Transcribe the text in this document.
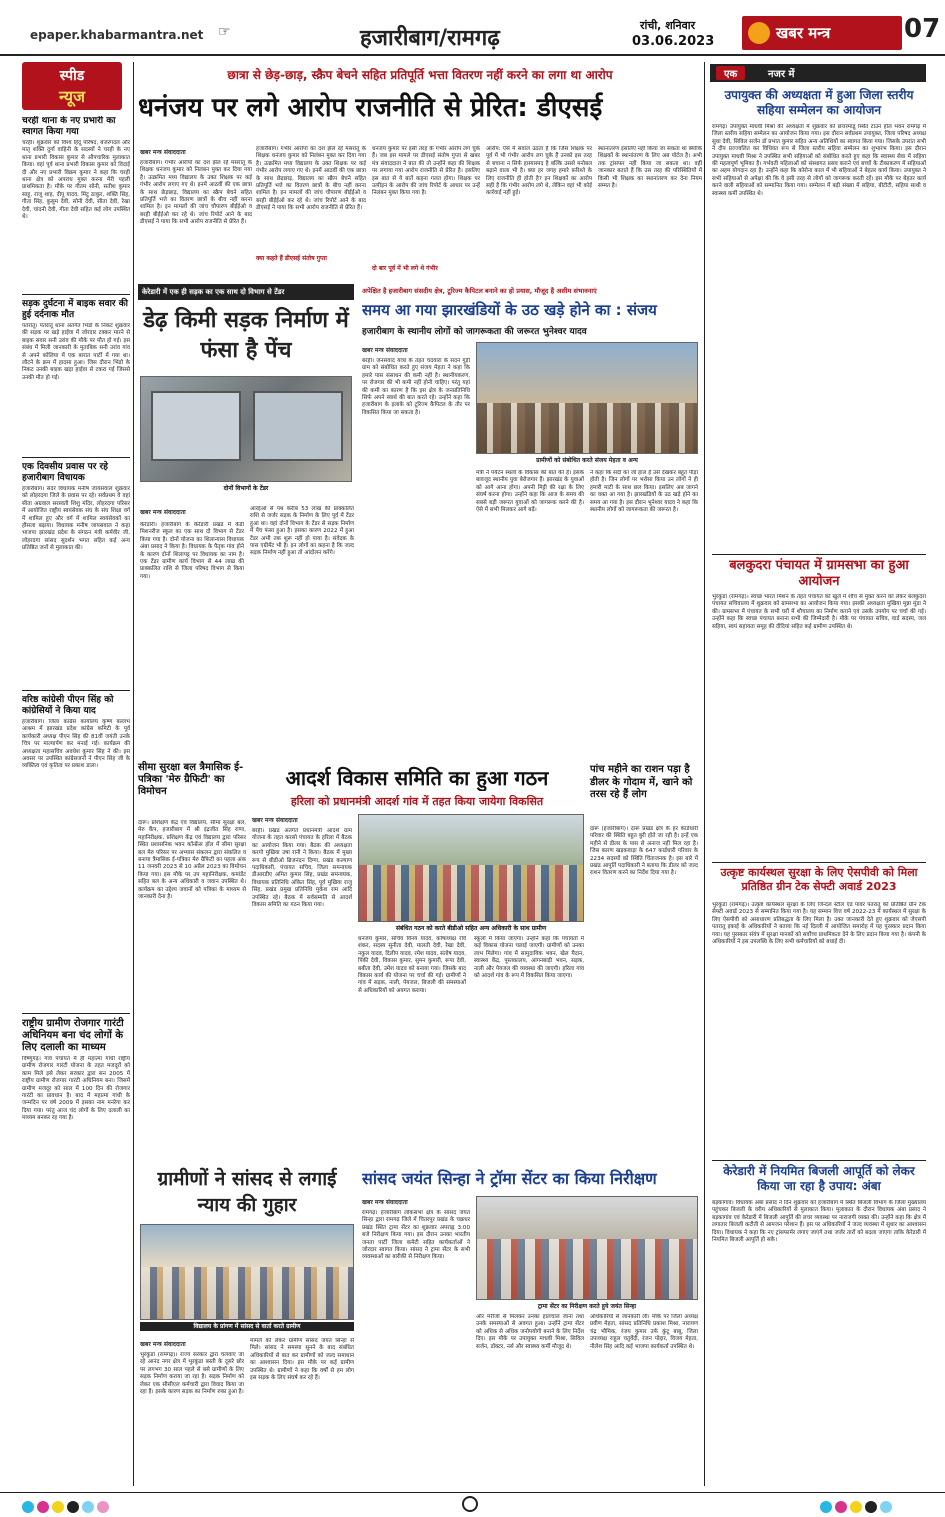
epaper.khabarmantra.net ☞	हजारीबाग/रामगढ़
रांची, शनिवार
03.06.2023	खबर मन्त्र	07
स्पीड
न्यूज
चरही थाना के नए प्रभारी का स्वागत किया गया
चरही। शुक्रवार को विश्व हिंदू परिषद, बजरंगदल और मातृ शक्ति दुर्गा वाहिनी के सदस्यों ने चरही के नए थाना प्रभारी विकास कुमार से औपचारिक मुलाकात किया। वहां पूर्व थाना प्रभारी विकास कुमार को विदाई दी और नए प्रभारी विक्रम कुमार ने कहा कि चरही थाना क्षेत्र को अपराध मुक्त करना मेरी पहली प्राथमिकता है। मौके पर गौतम सोनी, सतीश कुमार साहू, राजू शाह, दीपू यादव, मिंटू ठाकुर, शक्ति सिंह, गीता सिंह, कुसुम देवी, सोनी देवी, सीता देवी, रेखा देवी, चांदनी देवी, गीता देवी सहित कई लोग उपस्थित थे।
सड़क दुर्घटना में बाइक सवार की हुई दर्दनाक मौत
पतरातू। पतरातू थाना अंतर्गत भिंडो के निकट शुक्रवार की सड़क पर खड़े हाईवा में जोरदार टक्कर मारने से बाइक सवार सनी उरांव की मौके पर मौत हो गई। इस संबंध में मिली जानकारी के मुताबिक सनी उरांव गांव से अपने कोलिया में एक बारात पार्टी में गया था। लौटने के क्रम में हादसा हुआ। जिस दौरान भिंडो के निकट उनकी बाइक खड़ा हाईवा से टकरा गई जिससे उनकी मौत हो गई।
एक दिवसीय प्रवास पर रहे हजारीबाग विधायक
हजारीबाग। सदर विधायक मनीष जायसवाल शुक्रवार को लोहरदगा जिले के प्रवास पर रहे। सर्वप्रथम वे वहां सीता अग्रवाल सरस्वती शिशु मंदिर, लोहरदगा परिसर में आयोजित राष्ट्रीय स्वयंसेवक संघ के संघ शिक्षा वर्ग में शामिल हुए और वर्ग में शामिल स्वयंसेवकों का हौसला बढ़ाया। विधायक मनीष जायसवाल ने कहा भाजपा झारखंड प्रदेश के संगठन मंत्री कर्मवीर जी, लोहरदगा सांसद सुदर्शन भगत सहित कई अन्य प्रतिष्ठित जनों से मुलाकात की।
वरिष्ठ कांग्रेसी पीएन सिंह को कांग्रेसियों ने किया याद
हजारीबाग। जिला कांग्रेस कार्यालय कृष्ण बल्लभ आश्रम में झारखंड प्रदेश कांग्रेस कमिटी के पूर्व कार्यकारी अध्यक्ष पीएन सिंह की 81वीं जयंती उनके चित्र पर माल्यार्पण कर मनाई गई। कार्यक्रम की अध्यक्षता महासचिव अवधेश कुमार सिंह ने की। इस अवसर पर उपस्थित कांग्रेसजनों ने पीएन सिंह जी के व्यक्तित्व एवं कृतित्व पर प्रकाश डाला।
राष्ट्रीय ग्रामीण रोजगार गारंटी अधिनियम बना चंद लोगों के लिए दलाली का माध्यम
विष्णुगढ़। गांव पंचायत में ही महात्मा गांधी राष्ट्रीय ग्रामीण रोजगार गारंटी योजना के तहत मजदूरों को काम मिले इसे लेकर सरकार द्वारा सन 2005 में राष्ट्रीय ग्रामीण रोजगार गारंटी अधिनियम बना। जिसमें ग्रामीण मजदूर को साल में 100 दिन की रोजगार गारंटी का प्रावधान है। बाद में महात्मा गांधी के जन्मदिन पर वर्ष 2009 में इसका नाम मनरेगा कर दिया गया। परंतु आज चंद लोगों के लिए दलाली का माध्यम बनकर रह गया है।
छात्रा से छेड़-छाड़, स्क्रैप बेचने सहित प्रतिपूर्ति भत्ता वितरण नहीं करने का लगा था आरोप
धनंजय पर लगे आरोप राजनीति से प्रेरित: डीएसई
खबर मन्त्र संवाददाता
हजारीबाग। गंभीर आरोपों का दंश झेल रहे मसरातू के शिक्षक धनंजय कुमार को निलंबन मुक्त कर दिया गया है। उत्क्रमित मध्य विद्यालय के उक्त शिक्षक पर कई गंभीर आरोप लगाए गए थे। इनमें आठवीं की एक छात्रा के साथ छेड़छाड़, विद्यालय का स्क्रैप बेचने सहित प्रतिपूर्ति भत्ते का वितरण छात्रों के बीच नहीं करना शामिल है। इन मामलों की जांच चौपारण बीईईओ व बरही बीईईओ कर रहे थे। जांच रिपोर्ट आने के बाद डीएसई ने पाया कि सभी आरोप राजनीति से प्रेरित हैं।
हजारीबाग। गंभीर आरोपों का दंश झेल रहे मसरातू के शिक्षक धनंजय कुमार को निलंबन मुक्त कर दिया गया है। उत्क्रमित मध्य विद्यालय के उक्त शिक्षक पर कई गंभीर आरोप लगाए गए थे। इनमें आठवीं की एक छात्रा के साथ छेड़छाड़, विद्यालय का स्क्रैप बेचने सहित प्रतिपूर्ति भत्ते का वितरण छात्रों के बीच नहीं करना शामिल है। इन मामलों की जांच चौपारण बीईईओ व बरही बीईईओ कर रहे थे। जांच रिपोर्ट आने के बाद डीएसई ने पाया कि सभी आरोप राजनीति से प्रेरित हैं।
क्या कहते हैं डीएसई संतोष गुप्ता
धनंजय कुमार पर इसी तरह के गंभीर आरोप लग चुके हैं। जब इस मामले पर डीएसई संतोष गुप्ता से खबर मंत्र संवाददाता ने बात की तो उन्होंने कहा की शिक्षक पर लगाया गया आरोप राजनीति से प्रेरित है। इसलिए इस बात से ये बातें कहना गलत होगा। शिक्षक पर उत्पीड़न के आरोप की जांच रिपोर्ट के आधार पर उन्हें निलंबन मुक्त किया गया है।
दो बार पूर्व में भी लगे थे गंभीर
आरोप: ऐसे में सवाल उठता है कि जिस शिक्षक पर पूर्व में भी गंभीर आरोप लग चुके हैं उनको इस तरह से बचाना न सिर्फ हास्यास्पद है बल्कि उससे मनोबल बढ़ाने वाला भी है। क्या हर जगह हमारे फ़रिश्ते के लिए राजनीति ही होती है? इन शिक्षकों का आरोप सही है कि गंभीर आरोप लगे थे, लेकिन वहां भी कोई कार्रवाई नहीं हुई।
स्थानांतरण इसलिए नहीं किया जा सकता था क्योंकि शिक्षकों के स्थानांतरण के लिए अब पोर्टल है। अभी तक ट्रांसफर नहीं किया जा सकता था। वहीं जानकार बताते हैं कि उस तरह की परिस्थितियों में किसी भी शिक्षक का स्थानांतरण कर देना नियम सम्मत है।
केरेडारी में एक ही सड़क का एक साथ दो विभाग से टेंडर
डेढ़ किमी सड़क निर्माण में फंसा है पेंच
दोनों विभागों के टेंडर
खबर मन्त्र संवाददाता
केरेडारी। हजारीबाग के केरेडारी प्रखंड में केडी मिशनरीज स्कूल का एक साथ दो विभाग से टेंडर किया गया है। दोनों योजना का शिलान्यास विधायक अंबा प्रसाद ने किया है। विधायक के पैतृक गांव होने के कारण दोनों शिलापट्ट पर विधायक का नाम है। एक टेंडर ग्रामीण कार्य विभाग से 44 लाख की प्राक्कलित राशि से जिला परिषद विभाग से किया गया।
आरईओ से पथ करीब 53 लाख की प्राक्कलित राशि से जर्जर सड़क के निर्माण के लिए पूर्व में टेंडर हुआ था। वहां दोनों विभाग के टेंडर से सड़क निर्माण में पेंच फंसा हुआ है। इसका कारण 2022 में हुआ टेंडर अभी तक शुरू नहीं हो पाया है। संवेदक के पास एग्रीमेंट भी है। इन लोगों का कहना है कि जल्द सड़क निर्माण नहीं हुआ तो आंदोलन करेंगे।
अपेक्षित है हजारीबाग संसदीय क्षेत्र, टूरिज्म कैपिटल बनाने का हो प्रयास, मौजूद है असीम संभावनाएं
समय आ गया झारखंडियों के उठ खड़े होने का : संजय
हजारीबाग के स्थानीय लोगों को जागरूकता की जरूरत भुनेश्वर यादव
खबर मन्त्र संवाददाता
बरही। जनसंवाद यात्रा के तहत चंदवारा के सदन गुड़ी ग्राम को संबोधित करते हुए संजय मेहता ने कहा कि हमारे पास संसाधन की कमी नहीं है। स्थानीयकरण, पर रोजगार की भी कमी नहीं होनी चाहिए। परंतु यहां की कमी का कारण है कि इस क्षेत्र के जनप्रतिनिधि सिर्फ अपने स्वार्थ की बात करते रहे। उन्होंने कहा कि हजारीबाग के इलाके को टूरिज्म कैपिटल के तौर पर विकसित किया जा सकता है।
ग्रामीणों को संबोधित करते संजय मेहता व अन्य
मंत्री ने पर्यटन स्थलों के विकास की बात की है। इसके बावजूद स्थानीय युवा बेरोजगार हैं। झारखंड के युवाओं को आगे आना होगा। अपनी मिट्टी की रक्षा के लिए संघर्ष करना होगा। उन्होंने कहा कि आज के समय की सबसे बड़ी जरूरत युवाओं को जागरूक करने की है। ऐसे में सभी मिलकर आगे बढ़ें।
ने कहा कि सदी का जो हाल है उसे देखकर बहुत पीड़ा होती है। जिन लोगों पर भरोसा किया उन लोगों ने ही हमारी माटी के साथ छल किया। इसलिए अब जागने का वक्त आ गया है। झारखंडियों के उठ खड़े होने का समय आ गया है। इस दौरान भुनेश्वर यादव ने कहा कि स्थानीय लोगों को जागरूकता की जरूरत है।
सीमा सुरक्षा बल त्रैमासिक ई-पत्रिका 'मेरु ग्रैफिटी' का विमोचन
दारू। प्रशिक्षण केंद्र एवं विद्यालय, सीमा सुरक्षा बल, मेरु कैंप, हजारीबाग में श्री इंद्रजीत सिंह राणा, महानिरीक्षक, प्रशिक्षण केंद्र एवं विद्यालय द्वारा परिसर स्थित प्रशासनिक भवन कॉन्फ्रेंस हॉल में सीमा सुरक्षा बल मेरु परिसर पर अभ्यास संकलन द्वारा संकलित व बनाया त्रैमासिक ई-पत्रिका मेरु ग्रैफिटी का पहला अंक 11 जनवरी 2023 से 10 अप्रैल 2023 का विमोचन किया गया। इस मौके पर उप महानिरीक्षक, कमांडेंट सहित बल के अन्य अधिकारी व जवान उपस्थित थे। कार्यक्रम का उद्देश्य जवानों को पत्रिका के माध्यम से जानकारी देना है।
आदर्श विकास समिति का हुआ गठन
हरिला को प्रधानमंत्री आदर्श गांव में तहत किया जायेगा विकसित
खबर मन्त्र संवाददाता
बरही। प्रखंड अंतर्गत प्रधानमंत्री आदर्श ग्राम योजना के तहत करसो पंचायत के हरिला में बैठक का आयोजन किया गया। बैठक की अध्यक्षता करगो मुखिया उषा रानी ने किया। बैठक में मुख्य रूप से बीडीओ ब्रिजनंदन दिग्गा, प्रखंड कल्याण पदाधिकारी, पंचायत सचिव, जिला समन्वयक डीआरडीए अमित कुमार सिंह, प्रखंड समन्वयक, विधायक प्रतिनिधि अंकित सिंह, पूर्व मुखिया राजु सिंह, प्रखंड प्रमुख प्रतिनिधि मुकेश राम आदि उपस्थित रहे। बैठक में सर्वसम्मति से आदर्श विकास समिति का गठन किया गया।
संबंधित गठन को करते बीडीओ सहित अन्य अधिकारी के साथ ग्रामीण
धनंजय कुमार, सचिव विनय यादव, कोषाध्यक्ष रवि शंकर, सदस्य सुनीता देवी, मालती देवी, रेखा देवी, नकुल यादव, दिलीप यादव, रमेश यादव, संतोष यादव, पिंकी देवी, विकास कुमार, सुमन कुमारी, रूपा देवी, बबीता देवी, उमेश यादव को बनाया गया। जिसके बाद विकास कार्य की योजना पर चर्चा की गई। ग्रामीणों ने गांव में सड़क, नाली, पेयजल, बिजली की समस्याओं से अधिकारियों को अवगत कराया।
स्कूलों में किया जाएगा। उन्होंने कहा कि पंचायतों में कई विकास योजना चलाई जाएगी। ग्रामीणों को उनका लाभ मिलेगा। गांव में सामुदायिक भवन, खेल मैदान, स्वास्थ्य केंद्र, पुस्तकालय, आंगनबाड़ी भवन, सड़क, नाली और पेयजल की व्यवस्था की जाएगी। हरिला गांव को आदर्श गांव के रूप में विकसित किया जाएगा।
पांच महीने का राशन पड़ा है डीलर के गोदाम में, खाने को तरस रहे हैं लोग
दारू (हजारीबाग)। दारू प्रखंड क्षेत्र के हर कार्डधारी परिवार की स्थिति बहुत बुरी होते जा रही है। इन्हें एक महीने से डीलर के पास से अनाज नहीं मिल रहा है। जिस कारण खड़कवाड़ा के 647 कार्डधारी परिवार के 2234 सदस्यों को स्थिति चिंताजनक है। इस बारे में प्रखंड आपूर्ति पदाधिकारी ने बताया कि डीलर को जल्द राशन वितरण करने का निर्देश दिया गया है।
ग्रामीणों ने सांसद से लगाई न्याय की गुहार
विद्यालय के प्रांगण में सांसद से वार्ता करते ग्रामीण
खबर मन्त्र संवाददाता
भुरकुंडा (रामगढ़)। राज्य सरकार द्वारा चलवाए जा रहे आनंद नगर क्षेत्र में भुरकुंडा बस्ती के दूसरे छोर पर लगभग 30 साल पहले से बसे ग्रामीणों के लिए सड़क निर्माण कराया जा रहा है। सड़क निर्माण को लेकर एक सीसीएल कर्मचारी द्वारा विवाद किया जा रहा है। इसके कारण सड़क का निर्माण रुका हुआ है।
मामले को लेकर ग्रामीण सांसद जयंत सिन्हा से मिले। सांसद ने समस्या सुनने के बाद संबंधित अधिकारियों से बात कर ग्रामीणों को जल्द समाधान का आश्वासन दिया। इस मौके पर कई ग्रामीण उपस्थित थे। ग्रामीणों ने कहा कि वर्षों से हम लोग इस सड़क के लिए संघर्ष कर रहे हैं।
सांसद जयंत सिन्हा ने ट्रॉमा सेंटर का किया निरीक्षण
खबर मन्त्र संवाददाता
रामगढ़। हजारीबाग लोकसभा क्षेत्र के सांसद जयंत सिन्हा द्वारा रामगढ़ जिले में चितरपुर प्रखंड के चक्रधर प्रखंड स्थित ट्रामा सेंटर का शुक्रवार अपराह्न 3:00 बजे निरीक्षण किया गया। इस दौरान उनका भारतीय जनता पार्टी जिला कमेटी सहित कार्यकर्ताओं ने जोरदार स्वागत किया। सांसद ने ट्रामा सेंटर के सभी व्यवस्थाओं का बारीकी से निरीक्षण किया।
ट्रामा सेंटर का निरीक्षण करते हुये जयंत सिन्हा
और मरीजों से मिलकर उनका हालचाल जाना तथा उनके समस्याओं से अवगत हुआ। उन्होंने ट्रामा सेंटर को अधिक से अधिक जनोपयोगी बनाने के लिए निर्देश दिए। इस मौके पर उपायुक्त माधवी मिश्रा, सिविल सर्जन, डॉक्टर, नर्स और स्वास्थ्य कर्मी मौजूद थे।
अधिकारियों से जानकारी ली। मौके पर जिला अध्यक्ष प्रवीण मेहता, सांसद प्रतिनिधि प्रकाश मिश्रा, नारायण चंद्र भौमिक, रंजय कुमार उर्फ कुंटू बाबू, जिला उपाध्यक्ष राहुल चतुर्वेदी, रंजन पोद्दार, विजय मेहता, नीलेश सिंह आदि कई भाजपा कार्यकर्ता उपस्थित थे।
एक	नजर में
उपायुक्त की अध्यक्षता में हुआ जिला स्तरीय सहिया सम्मेलन का आयोजन
रामगढ़। उपायुक्त माधवी मिश्रा की अध्यक्षता में शुक्रवार को छत्तरमांडू स्थित टाउन हॉल भवन रामगढ़ में जिला स्तरीय सहिया सम्मेलन का आयोजन किया गया। इस दौरान सर्वप्रथम उपायुक्त, जिला परिषद अध्यक्ष सुधा देवी, सिविल सर्जन डॉ प्रभात कुमार सहित अन्य अतिथियों का स्वागत किया गया। जिसके उपरांत सभी ने दीप प्रज्ज्वलित कर विधिवत रूप से जिला स्तरीय सहिया सम्मेलन का शुभारंभ किया। इस दौरान उपायुक्त माधवी मिश्रा ने उपस्थित सभी सहियाओं को संबोधित करते हुए कहा कि स्वास्थ्य सेवा में सहिया की महत्वपूर्ण भूमिका है। गर्भवती महिलाओं को संस्थागत प्रसव कराने एवं बच्चों के टीकाकरण में सहियाओं का अहम योगदान रहा है। उन्होंने कहा कि कोरोना काल में भी सहियाओं ने बेहतर कार्य किया। उपायुक्त ने सभी सहियाओं से अपेक्षा की कि वे इसी तरह से लोगों को जागरूक करती रहें। इस मौके पर बेहतर कार्य करने वाली सहियाओं को सम्मानित किया गया। सम्मेलन में बड़ी संख्या में सहिया, बीटीटी, सहिया साथी व स्वास्थ्य कर्मी उपस्थित थे।
बलकुदरा पंचायत में ग्रामसभा का हुआ आयोजन
भुरकुंडा (रामगढ़)। स्वच्छ भारत मिशन के तहत पंचायत को खुले में शौच से मुक्त करने को लेकर बलकुदरा पंचायत सचिवालय में शुक्रवार को ग्रामसभा का आयोजन किया गया। इसकी अध्यक्षता मुखिया मुन्ना मुंडा ने की। ग्रामसभा में पंचायत के सभी घरों में शौचालय का निर्माण कराने एवं उसके उपयोग पर चर्चा की गई। उन्होंने कहा कि स्वच्छ पंचायत बनाना सभी की जिम्मेदारी है। मौके पर पंचायत सचिव, वार्ड सदस्य, जल सहिया, स्वयं सहायता समूह की दीदियां सहित कई ग्रामीण उपस्थित थे।
उत्कृष्ट कार्यस्थल सुरक्षा के लिए ऐसपीवी को मिला प्रतिष्ठित ग्रीन टेक सेफ्टी अवार्ड 2023
भुरकुंडा (रामगढ़)। उत्कृष्ट कार्यस्थल सुरक्षा के लिए जिन्दल स्टील एंड पावर पतरातू को प्रतिष्ठित ग्रीन टेक सेफ्टी अवार्ड 2023 से सम्मानित किया गया है। यह सम्मान वित्त वर्ष 2022-23 में कार्यस्थल में सुरक्षा के लिए ऐसपीवी को असाधारण प्रतिबद्धता के लिए मिला है। उक्त जानकारी देते हुए शुक्रवार को जेएसपी पतरातू इकाई के अधिकारियों ने बताया कि नई दिल्ली में आयोजित समारोह में यह पुरस्कार प्रदान किया गया। यह पुरस्कार संयंत्र में सुरक्षा मानकों को सर्वोच्च प्राथमिकता देने के लिए प्रदान किया गया है। कंपनी के अधिकारियों ने इस उपलब्धि के लिए सभी कर्मचारियों को बधाई दी।
केरेडारी में नियमित बिजली आपूर्ति को लेकर किया जा रहा है उपाय: अंबा
बड़कागांव। विधायक अंबा प्रसाद ने दिन शुक्रवार को हजारीबाग में स्थित बिजली विभाग के जिला मुख्यालय पहुंचकर बिजली के वरीय अधिकारियों से मुलाकात किया। मुलाकात के दौरान विधायक अंबा प्रसाद ने बड़कागांव एवं केरेडारी में बिजली आपूर्ति की लचर व्यवस्था पर नाराजगी व्यक्त की। उन्होंने कहा कि क्षेत्र में लगातार बिजली कटौती से आमजन परेशान हैं। इस पर अधिकारियों ने जल्द व्यवस्था में सुधार का आश्वासन दिया। विधायक ने कहा कि नए ट्रांसफार्मर लगाए जाएंगे तथा जर्जर तारों को बदला जाएगा ताकि केरेडारी में नियमित बिजली आपूर्ति हो सके।
